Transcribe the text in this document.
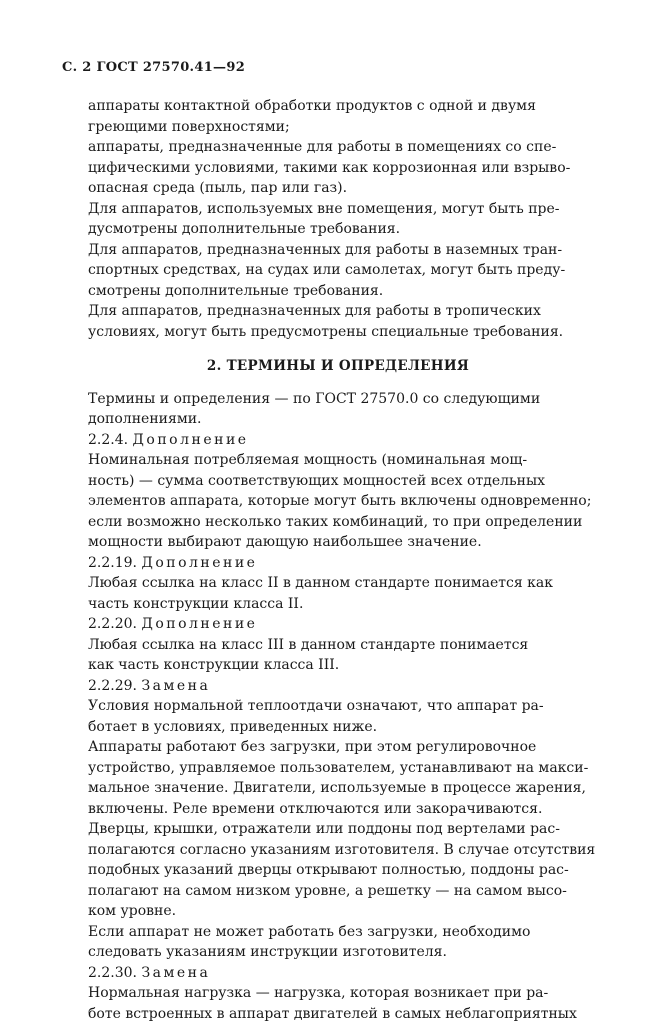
С. 2 ГОСТ 27570.41—92
аппараты контактной обработки продуктов с одной и двумя
греющими поверхностями;
аппараты, предназначенные для работы в помещениях со спе-
цифическими условиями, такими как коррозионная или взрыво-
опасная среда (пыль, пар или газ).
Для аппаратов, используемых вне помещения, могут быть пре-
дусмотрены дополнительные требования.
Для аппаратов, предназначенных для работы в наземных тран-
спортных средствах, на судах или самолетах, могут быть преду-
смотрены дополнительные требования.
Для аппаратов, предназначенных для работы в тропических
условиях, могут быть предусмотрены специальные требования.
2. ТЕРМИНЫ И ОПРЕДЕЛЕНИЯ
Термины и определения — по ГОСТ 27570.0 со следующими
дополнениями.
2.2.4. Дополнение
Номинальная потребляемая мощность (номинальная мощ-
ность) — сумма соответствующих мощностей всех отдельных
элементов аппарата, которые могут быть включены одновременно;
если возможно несколько таких комбинаций, то при определении
мощности выбирают дающую наибольшее значение.
2.2.19. Дополнение
Любая ссылка на класс II в данном стандарте понимается как
часть конструкции класса II.
2.2.20. Дополнение
Любая ссылка на класс III в данном стандарте понимается
как часть конструкции класса III.
2.2.29. Замена
Условия нормальной теплоотдачи означают, что аппарат ра-
ботает в условиях, приведенных ниже.
Аппараты работают без загрузки, при этом регулировочное
устройство, управляемое пользователем, устанавливают на макси-
мальное значение. Двигатели, используемые в процессе жарения,
включены. Реле времени отключаются или закорачиваются.
Дверцы, крышки, отражатели или поддоны под вертелами рас-
полагаются согласно указаниям изготовителя. В случае отсутствия
подобных указаний дверцы открывают полностью, поддоны рас-
полагают на самом низком уровне, а решетку — на самом высо-
ком уровне.
Если аппарат не может работать без загрузки, необходимо
следовать указаниям инструкции изготовителя.
2.2.30. Замена
Нормальная нагрузка — нагрузка, которая возникает при ра-
боте встроенных в аппарат двигателей в самых неблагоприятных
